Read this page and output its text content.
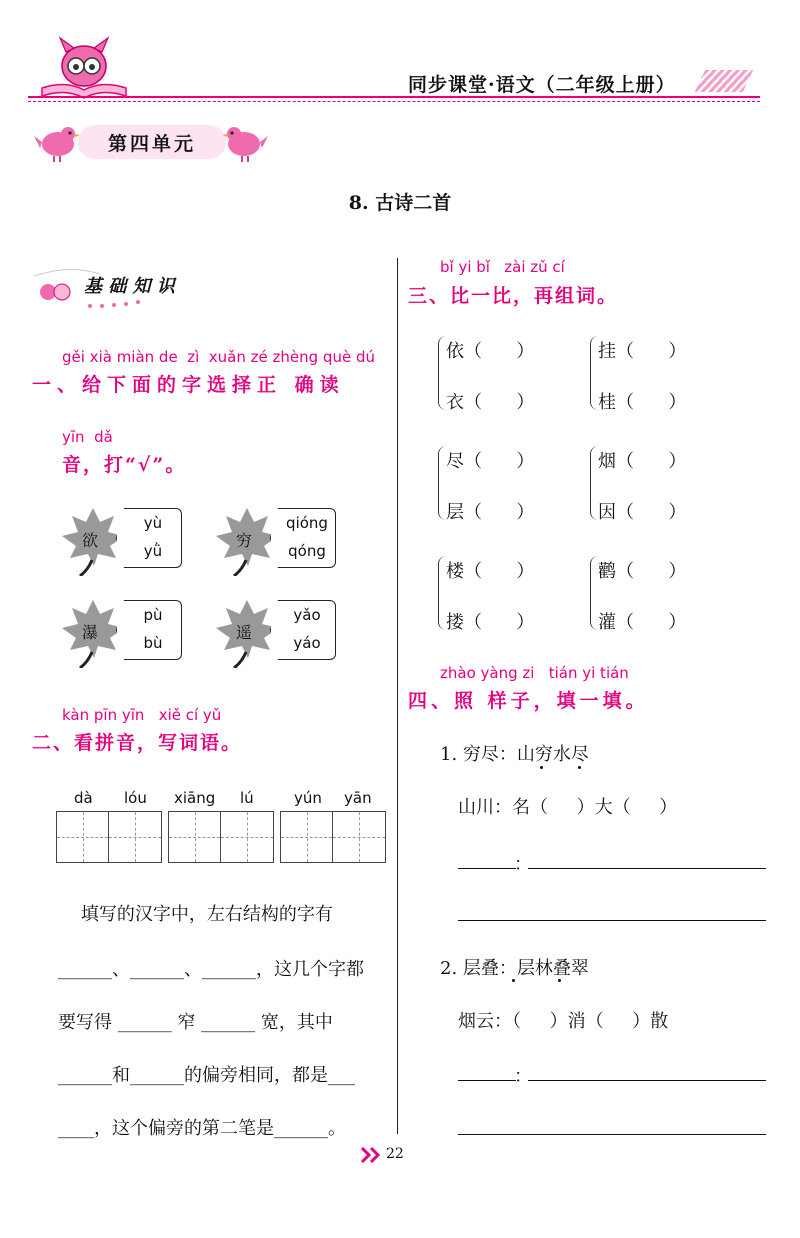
同步课堂·语文（二年级上册）
第四单元
8. 古诗二首
基 础 知 识
gěi xià miàn de  zì  xuǎn zé zhèng què dú
一、给下面的字选择正 确读
yīn  dǎ
音，打“√”。
欲
yù
yǜ
穷
qióng
qóng
瀑
pù
bù
遥
yǎo
yáo
kàn pīn yīn   xiě cí yǔ
二、看拼音，写词语。
dà lóu xiāng lú	yún yān
填写的汉字中，左右结构的字有
______、______、______，这几个字都
要写得 ______ 窄 ______ 宽，其中
______和______的偏旁相同，都是___
____，这个偏旁的第二笔是______。
bǐ yi bǐ   zài zǔ cí
三、比一比，再组词。
依（      ）
衣（      ）
挂（      ）
桂（      ）
尽（      ）
层（      ）
烟（      ）
因（      ）
楼（      ）
搂（      ）
鹳（      ）
灌（      ）
zhào yàng zi   tián yi tián
四、照 样子，填一填。
1. 穷尽：山穷水尽
山川：名（     ）大（     ）
：
2. 层叠：层林叠翠
烟云：（     ）消（     ）散
：
22
